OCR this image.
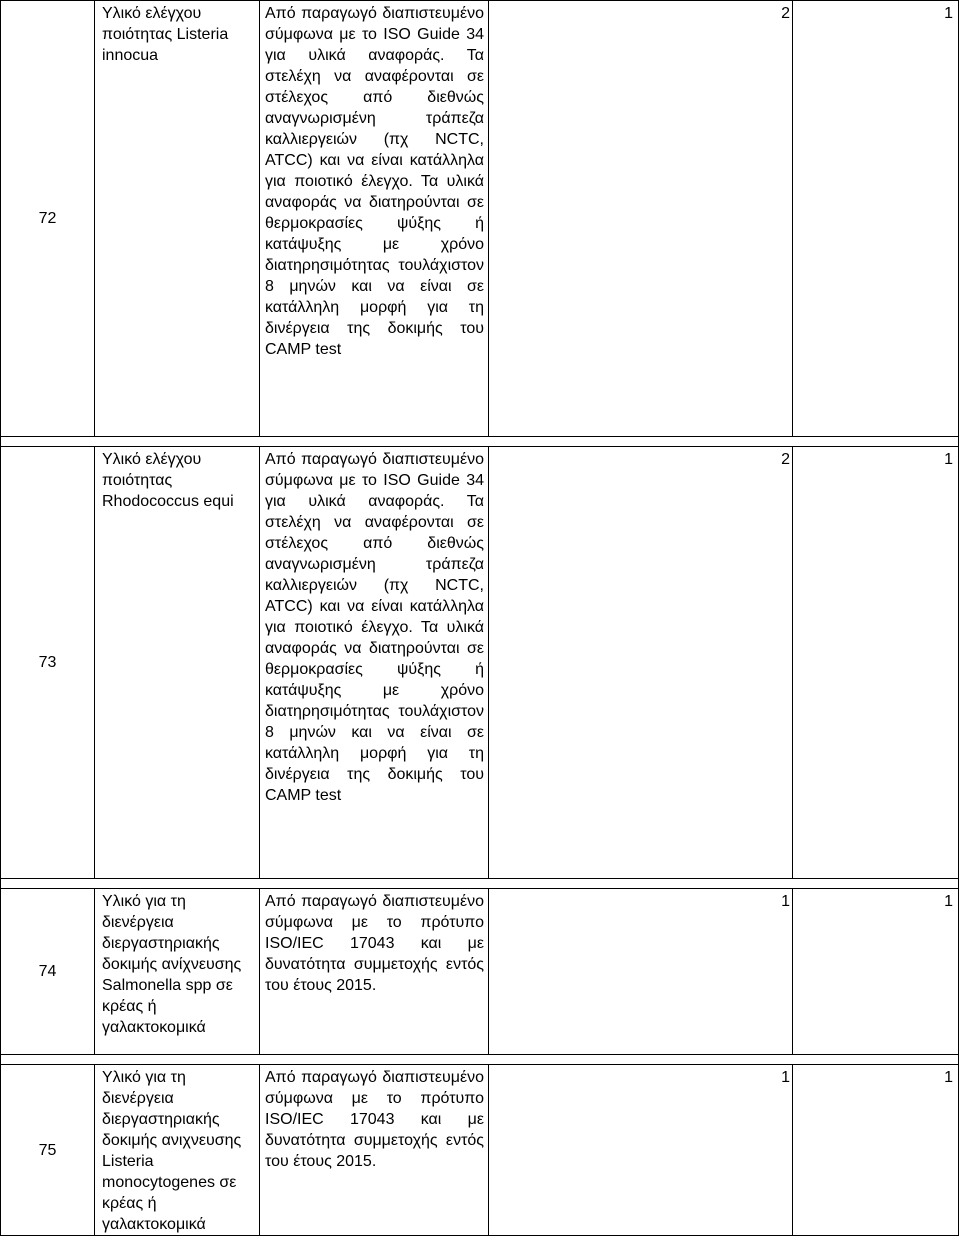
72	Υλικό ελέγχου ποιότητας Listeria innocua	Από παραγωγό διαπιστευμένο σύμφωνα με το ISO Guide 34 για υλικά αναφοράς. Τα στελέχη να αναφέρονται σε στέλεχος από διεθνώς αναγνωρισμένη τράπεζα καλλιεργειών (πχ NCTC, ATCC) και να είναι κατάλληλα για ποιοτικό έλεγχο. Τα υλικά αναφοράς να διατηρούνται σε θερμοκρασίες ψύξης ή κατάψυξης με χρόνο διατηρησιμότητας τουλάχιστον 8 μηνών και να είναι σε κατάλληλη μορφή για τη δινέργεια της δοκιμής του CAMP test	2	1

73	Υλικό ελέγχου ποιότητας Rhodococcus equi	Από παραγωγό διαπιστευμένο σύμφωνα με το ISO Guide 34 για υλικά αναφοράς. Τα στελέχη να αναφέρονται σε στέλεχος από διεθνώς αναγνωρισμένη τράπεζα καλλιεργειών (πχ NCTC, ATCC) και να είναι κατάλληλα για ποιοτικό έλεγχο. Τα υλικά αναφοράς να διατηρούνται σε θερμοκρασίες ψύξης ή κατάψυξης με χρόνο διατηρησιμότητας τουλάχιστον 8 μηνών και να είναι σε κατάλληλη μορφή για τη δινέργεια της δοκιμής του CAMP test	2	1

74	Υλικό για τη διενέργεια διεργαστηριακής δοκιμής ανίχνευσης Salmonella spp σε κρέας ή γαλακτοκομικά	Από παραγωγό διαπιστευμένο σύμφωνα με το πρότυπο ISO/IEC 17043 και με δυνατότητα συμμετοχής εντός του έτους 2015.	1	1

75	Υλικό για τη διενέργεια διεργαστηριακής δοκιμής ανιχνευσης Listeria monocytogenes σε κρέας ή γαλακτοκομικά	Από παραγωγό διαπιστευμένο σύμφωνα με το πρότυπο ISO/IEC 17043 και με δυνατότητα συμμετοχής εντός του έτους 2015.	1	1
